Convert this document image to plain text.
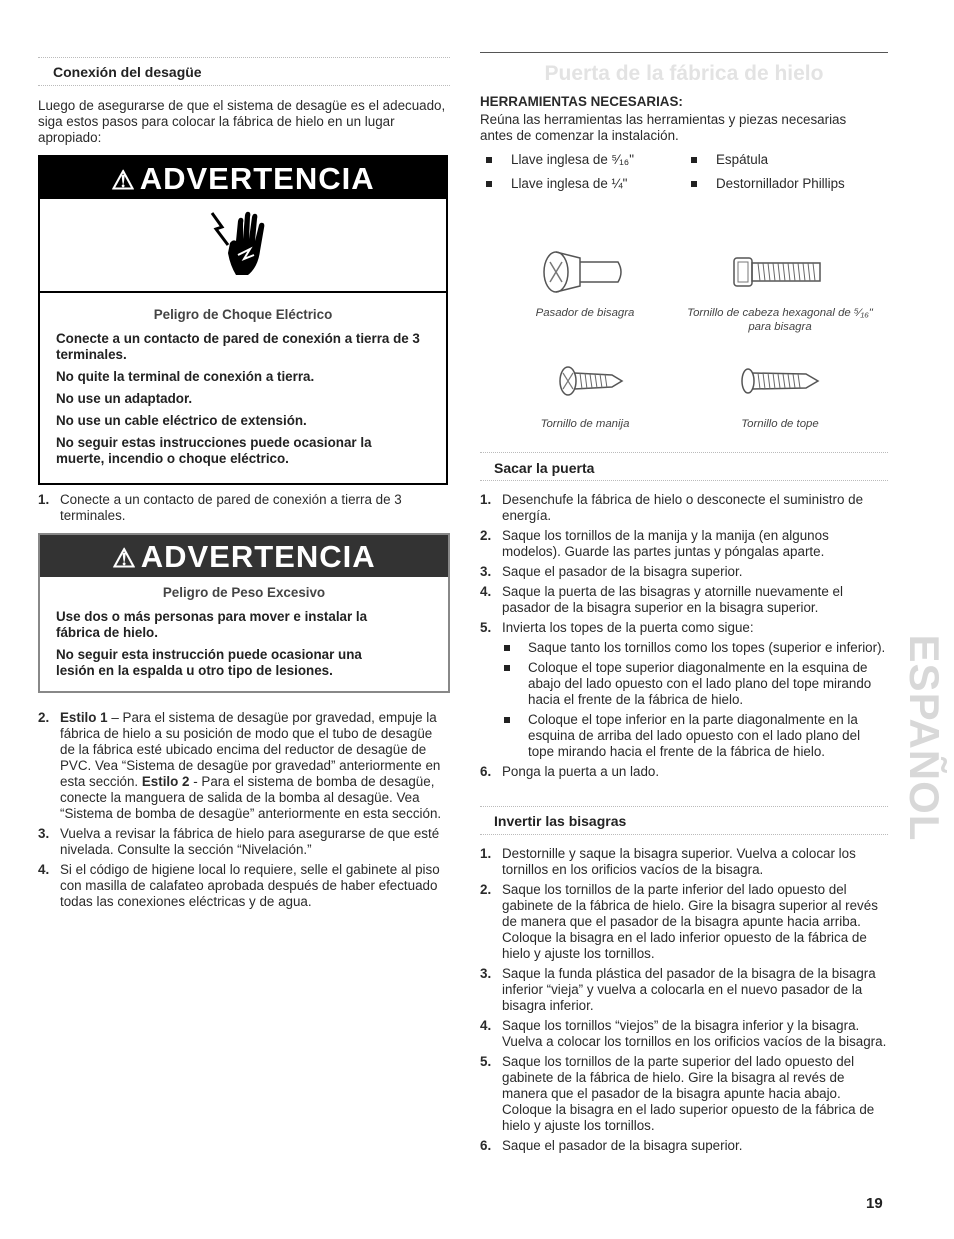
Conexión del desagüe

Luego de asegurarse de que el sistema de desagüe es el adecuado, siga estos pasos para colocar la fábrica de hielo en un lugar apropiado:

⚠ ADVERTENCIA

Peligro de Choque Eléctrico

Conecte a un contacto de pared de conexión a tierra de 3 terminales.

No quite la terminal de conexión a tierra.

No use un adaptador.

No use un cable eléctrico de extensión.

No seguir estas instrucciones puede ocasionar la muerte, incendio o choque eléctrico.

1. Conecte a un contacto de pared de conexión a tierra de 3 terminales.
⚠ ADVERTENCIA

Peligro de Peso Excesivo

Use dos o más personas para mover e instalar la fábrica de hielo.

No seguir esta instrucción puede ocasionar una lesión en la espalda u otro tipo de lesiones.

2. Estilo 1 – Para el sistema de desagüe por gravedad, empuje la fábrica de hielo a su posición de modo que el tubo de desagüe de la fábrica esté ubicado encima del reductor de desagüe de PVC. Vea “Sistema de desagüe por gravedad” anteriormente en esta sección. Estilo 2 - Para el sistema de bomba de desagüe, conecte la manguera de salida de la bomba al desagüe. Vea “Sistema de bomba de desagüe” anteriormente en esta sección.
3. Vuelva a revisar la fábrica de hielo para asegurarse de que esté nivelada. Consulte la sección “Nivelación.”
4. Si el código de higiene local lo requiere, selle el gabinete al piso con masilla de calafateo aprobada después de haber efectuado todas las conexiones eléctricas y de agua.
Puerta de la fábrica de hielo
HERRAMIENTAS NECESARIAS:

Reúna las herramientas las herramientas y piezas necesarias antes de comenzar la instalación.

Llave inglesa de ⁵⁄₁₆"	Espátula
Llave inglesa de ¼"	Destornillador Phillips
Pasador de bisagra	Tornillo de cabeza hexagonal de ⁵⁄₁₆" para bisagra
Tornillo de manija	Tornillo de tope
Sacar la puerta
1. Desenchufe la fábrica de hielo o desconecte el suministro de energía.
2. Saque los tornillos de la manija y la manija (en algunos modelos). Guarde las partes juntas y póngalas aparte.
3. Saque el pasador de la bisagra superior.
4. Saque la puerta de las bisagras y atornille nuevamente el pasador de la bisagra superior en la bisagra superior.
5. Invierta los topes de la puerta como sigue:
Saque tanto los tornillos como los topes (superior e inferior).
Coloque el tope superior diagonalmente en la esquina de abajo del lado opuesto con el lado plano del tope mirando hacia el frente de la fábrica de hielo.
Coloque el tope inferior en la parte diagonalmente en la esquina de arriba del lado opuesto con el lado plano del tope mirando hacia el frente de la fábrica de hielo.
6. Ponga la puerta a un lado.
Invertir las bisagras
1. Destornille y saque la bisagra superior. Vuelva a colocar los tornillos en los orificios vacíos de la bisagra.
2. Saque los tornillos de la parte inferior del lado opuesto del gabinete de la fábrica de hielo. Gire la bisagra superior al revés de manera que el pasador de la bisagra apunte hacia arriba. Coloque la bisagra en el lado inferior opuesto de la fábrica de hielo y ajuste los tornillos.
3. Saque la funda plástica del pasador de la bisagra de la bisagra inferior “vieja” y vuelva a colocarla en el nuevo pasador de la bisagra inferior.
4. Saque los tornillos “viejos” de la bisagra inferior y la bisagra. Vuelva a colocar los tornillos en los orificios vacíos de la bisagra.
5. Saque los tornillos de la parte superior del lado opuesto del gabinete de la fábrica de hielo. Gire la bisagra al revés de manera que el pasador de la bisagra apunte hacia abajo. Coloque la bisagra en el lado superior opuesto de la fábrica de hielo y ajuste los tornillos.
6. Saque el pasador de la bisagra superior.
ESPAÑOL
19
